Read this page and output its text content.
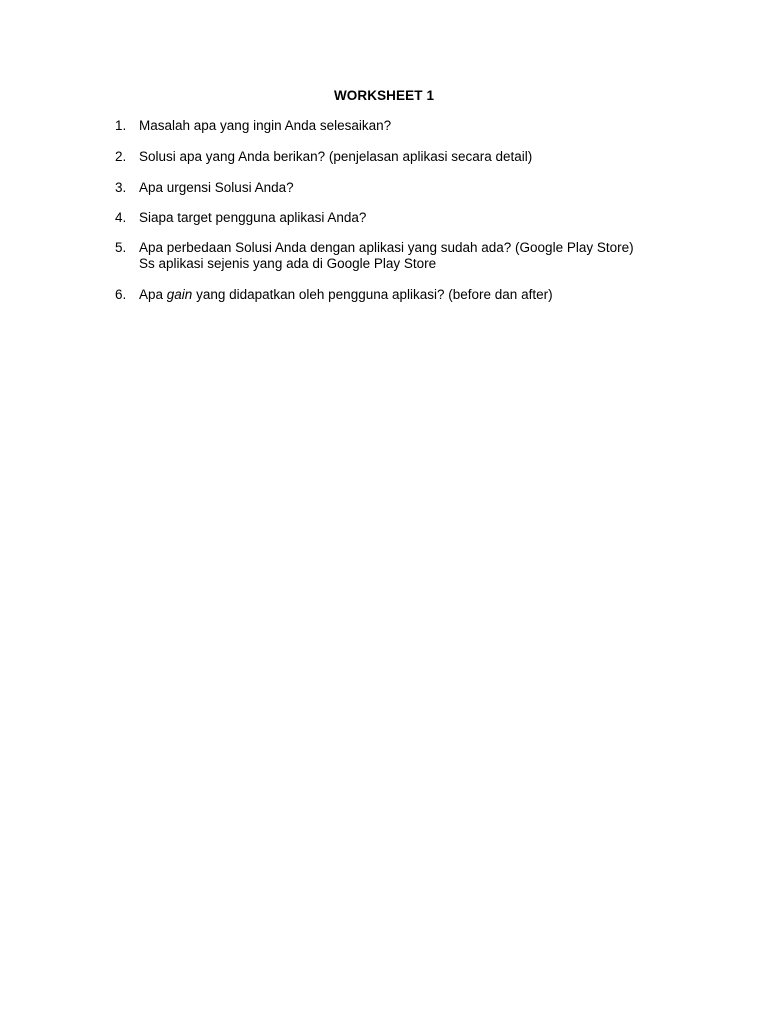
WORKSHEET 1
1. Masalah apa yang ingin Anda selesaikan?
2. Solusi apa yang Anda berikan? (penjelasan aplikasi secara detail)
3. Apa urgensi Solusi Anda?
4. Siapa target pengguna aplikasi Anda?
5. Apa perbedaan Solusi Anda dengan aplikasi yang sudah ada? (Google Play Store)
Ss aplikasi sejenis yang ada di Google Play Store
6. Apa gain yang didapatkan oleh pengguna aplikasi? (before dan after)
